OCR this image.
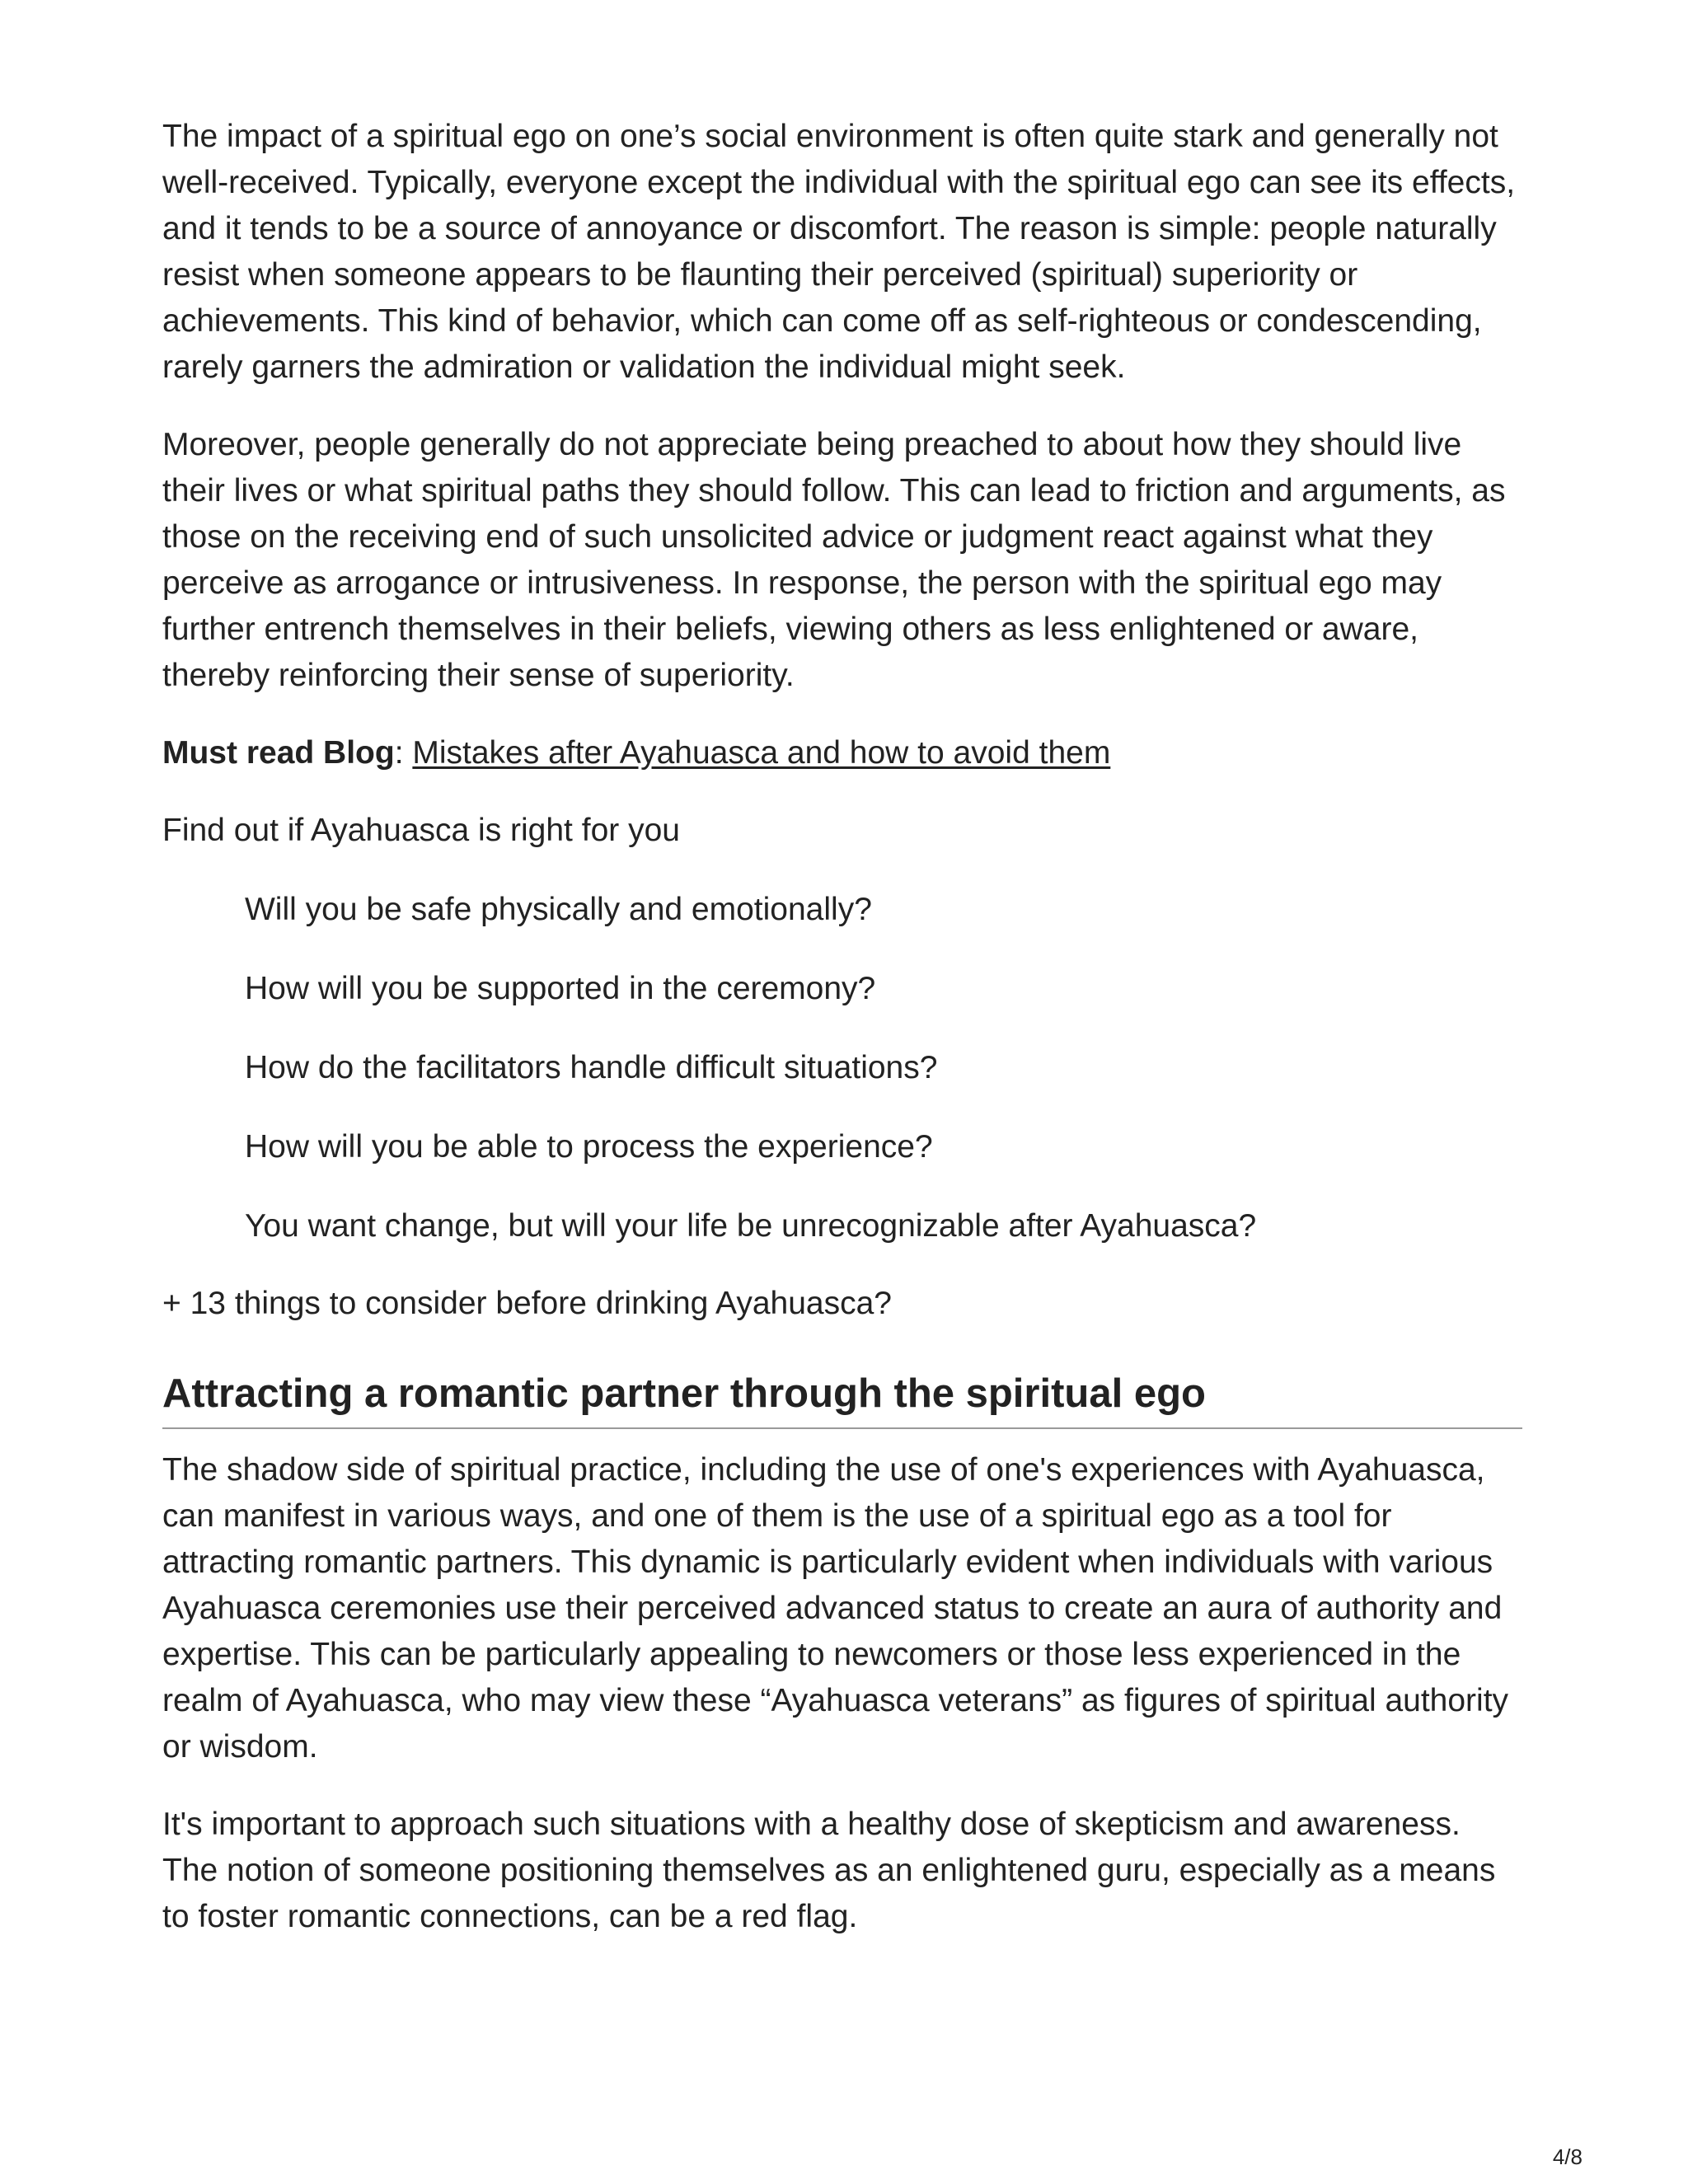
The impact of a spiritual ego on one’s social environment is often quite stark and generally not well-received. Typically, everyone except the individual with the spiritual ego can see its effects, and it tends to be a source of annoyance or discomfort. The reason is simple: people naturally resist when someone appears to be flaunting their perceived (spiritual) superiority or achievements. This kind of behavior, which can come off as self-righteous or condescending, rarely garners the admiration or validation the individual might seek.

Moreover, people generally do not appreciate being preached to about how they should live their lives or what spiritual paths they should follow. This can lead to friction and arguments, as those on the receiving end of such unsolicited advice or judgment react against what they perceive as arrogance or intrusiveness. In response, the person with the spiritual ego may further entrench themselves in their beliefs, viewing others as less enlightened or aware, thereby reinforcing their sense of superiority.

Must read Blog: Mistakes after Ayahuasca and how to avoid them

Find out if Ayahuasca is right for you

Will you be safe physically and emotionally?
How will you be supported in the ceremony?
How do the facilitators handle difficult situations?
How will you be able to process the experience?
You want change, but will your life be unrecognizable after Ayahuasca?

+ 13 things to consider before drinking Ayahuasca?

Attracting a romantic partner through the spiritual ego

The shadow side of spiritual practice, including the use of one's experiences with Ayahuasca, can manifest in various ways, and one of them is the use of a spiritual ego as a tool for attracting romantic partners. This dynamic is particularly evident when individuals with various Ayahuasca ceremonies use their perceived advanced status to create an aura of authority and expertise. This can be particularly appealing to newcomers or those less experienced in the realm of Ayahuasca, who may view these “Ayahuasca veterans” as figures of spiritual authority or wisdom.

It's important to approach such situations with a healthy dose of skepticism and awareness. The notion of someone positioning themselves as an enlightened guru, especially as a means to foster romantic connections, can be a red flag.

4/8
